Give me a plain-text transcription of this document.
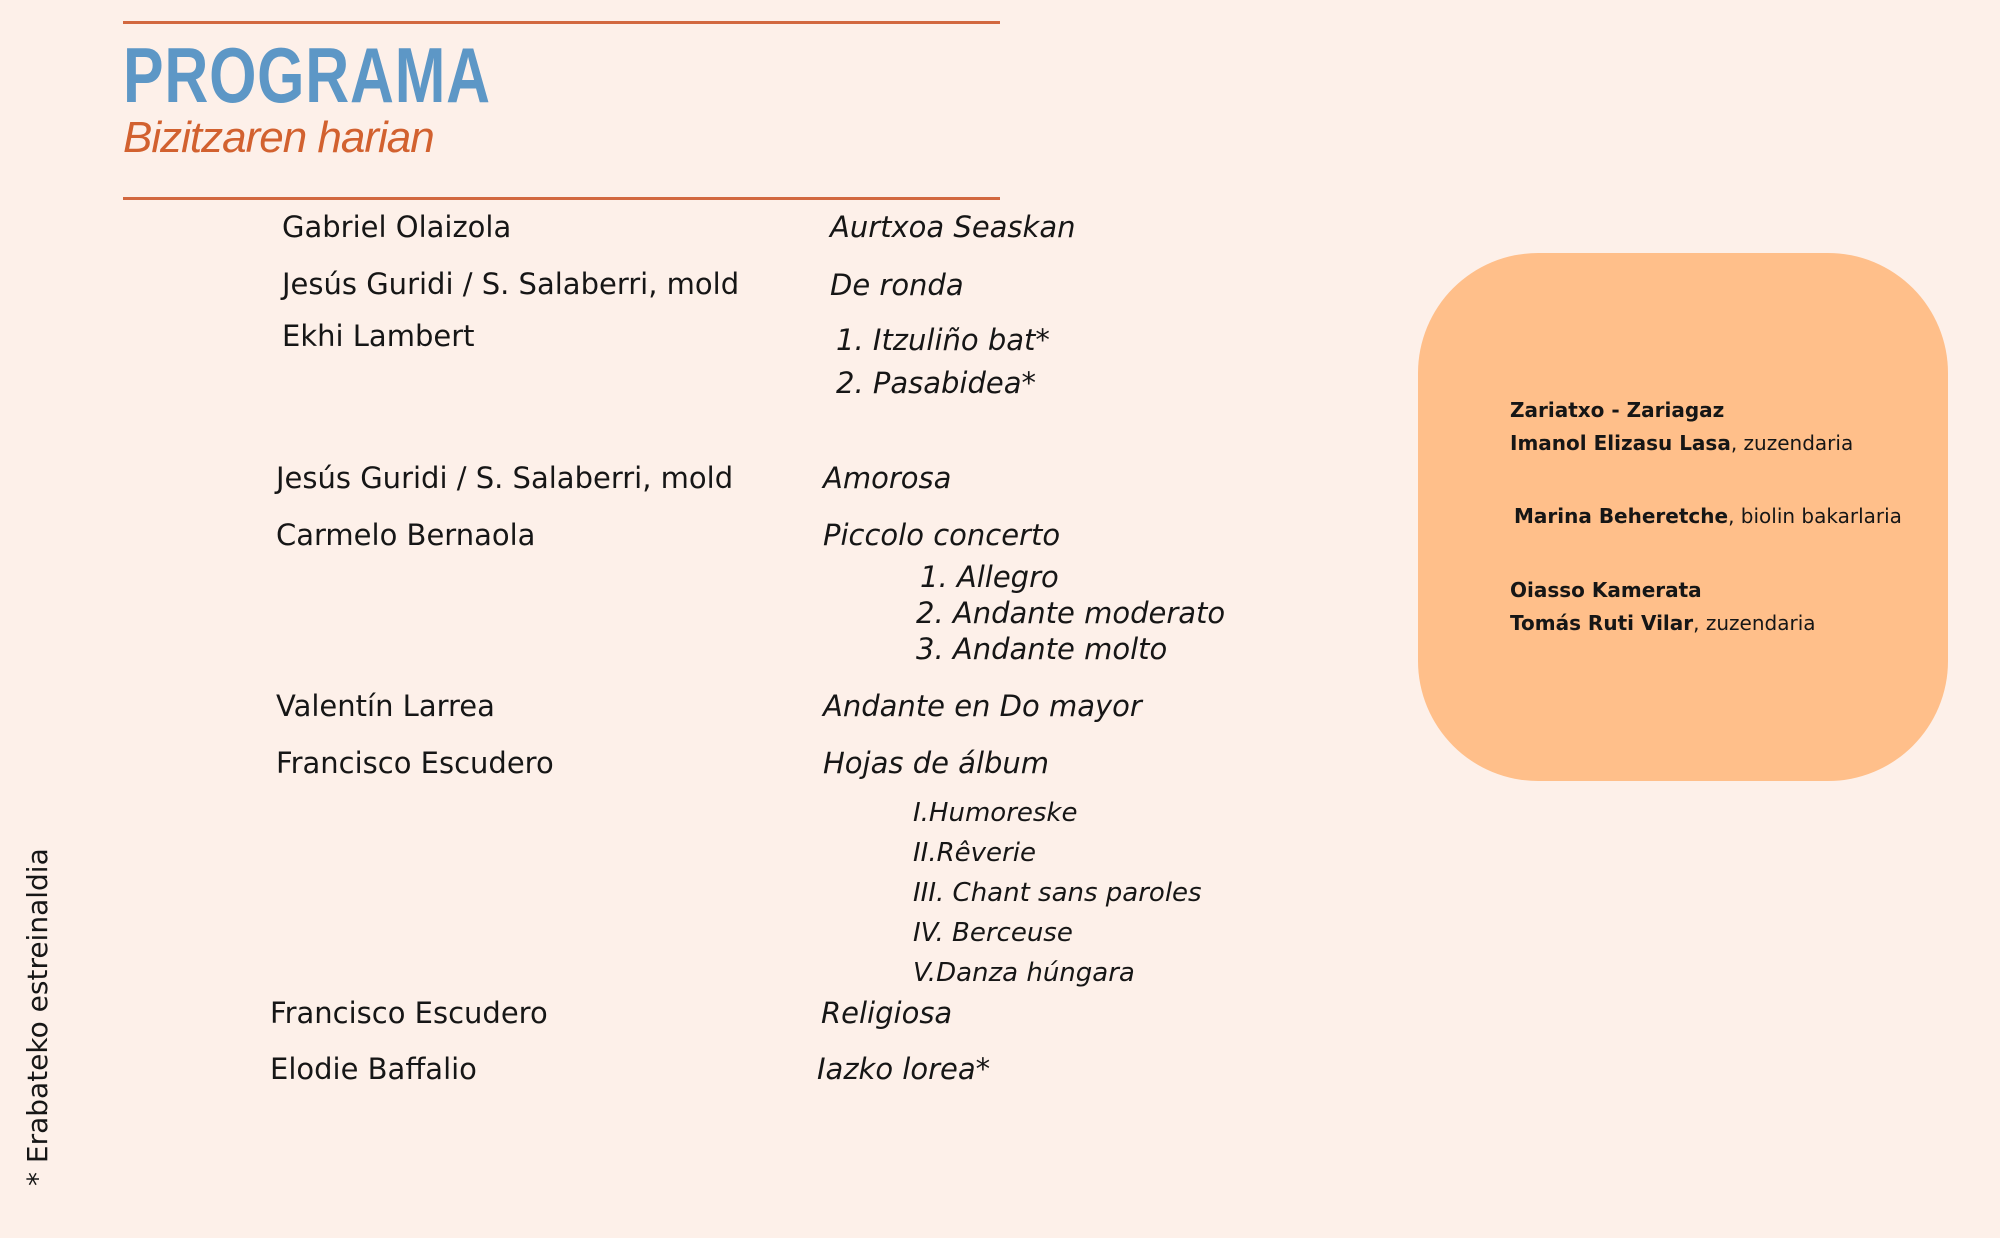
PROGRAMA
Bizitzaren harian
Gabriel Olaizola	Aurtxoa Seaskan
Jesús Guridi / S. Salaberri, mold	De ronda
Ekhi Lambert	1. Itzuliño bat*
2. Pasabidea*
Jesús Guridi / S. Salaberri, mold	Amorosa
Carmelo Bernaola	Piccolo concerto
1. Allegro
2. Andante moderato
3. Andante molto
Valentín Larrea	Andante en Do mayor
Francisco Escudero	Hojas de álbum
I.Humoreske
II.Rêverie
III. Chant sans paroles
IV. Berceuse
V.Danza húngara
Francisco Escudero	Religiosa
Elodie Baffalio	Iazko lorea*
* Erabateko estreinaldia
Zariatxo - Zariagaz
Imanol Elizasu Lasa, zuzendaria
Marina Beheretche, biolin bakarlaria
Oiasso Kamerata
Tomás Ruti Vilar, zuzendaria
